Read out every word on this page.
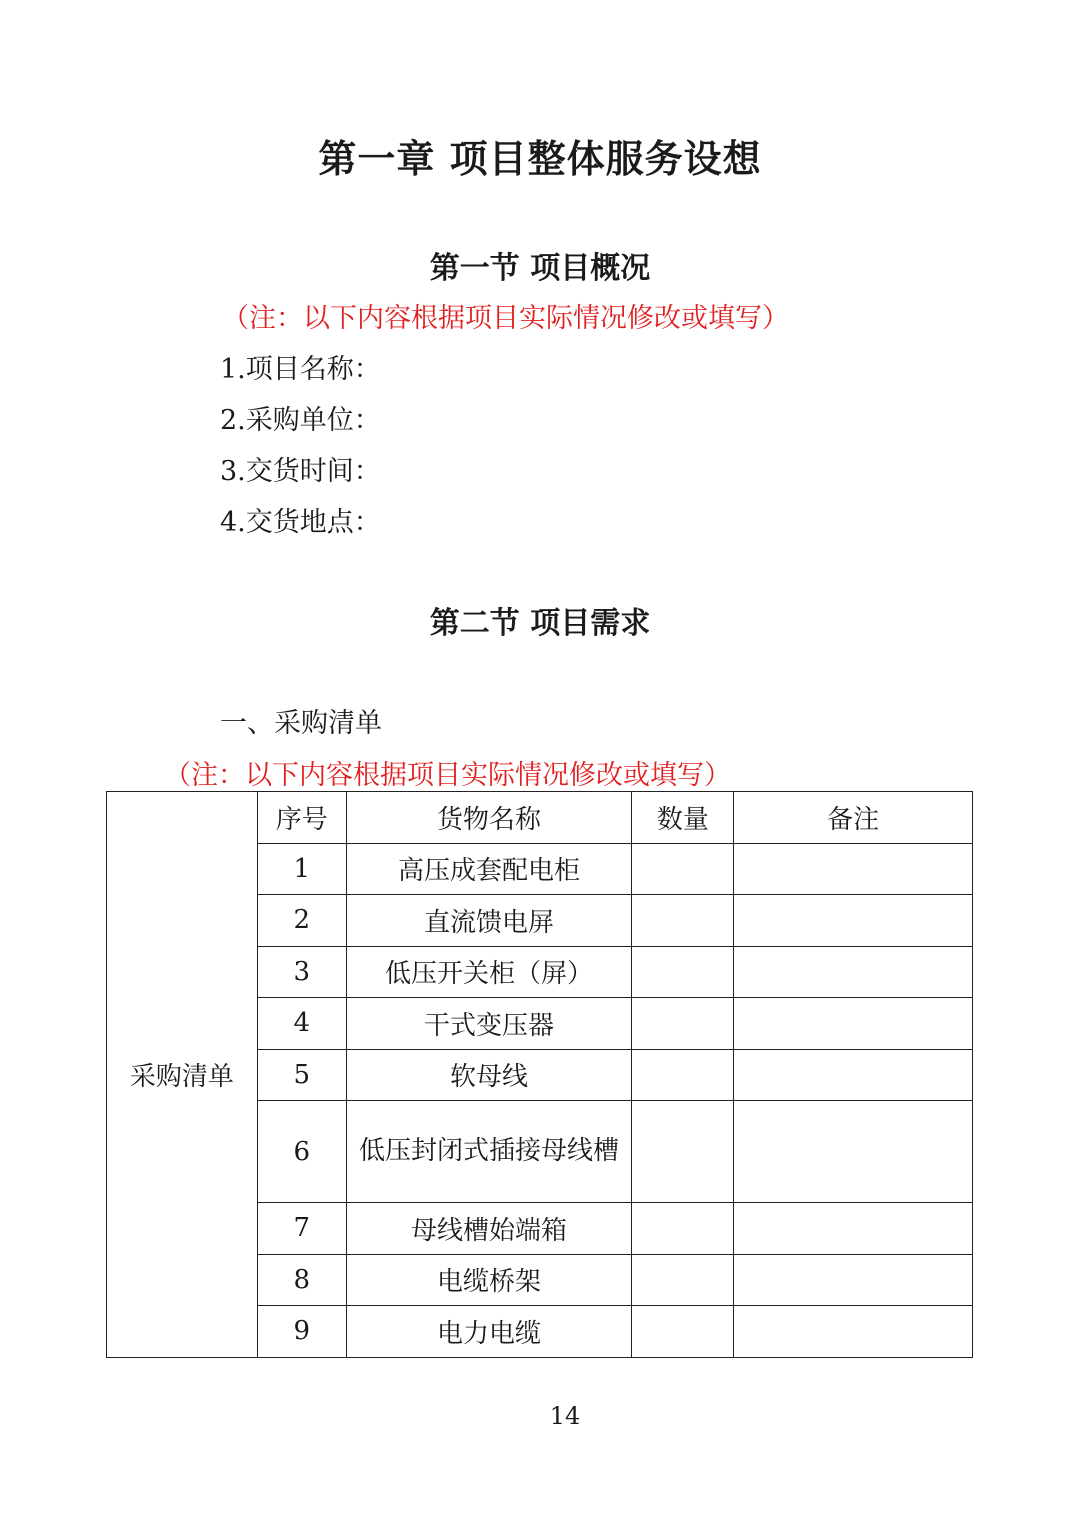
第一章 项目整体服务设想
第一节 项目概况
（注：以下内容根据项目实际情况修改或填写）
1.项目名称：
2.采购单位：
3.交货时间：
4.交货地点：
第二节 项目需求
一、采购清单
（注：以下内容根据项目实际情况修改或填写）
采购清单	序号	货物名称	数量	备注
	1	高压成套配电柜		
	2	直流馈电屏		
	3	低压开关柜（屏）		
	4	干式变压器		
	5	软母线		
	6	低压封闭式插接母线槽		
	7	母线槽始端箱		
	8	电缆桥架		
	9	电力电缆		
14
